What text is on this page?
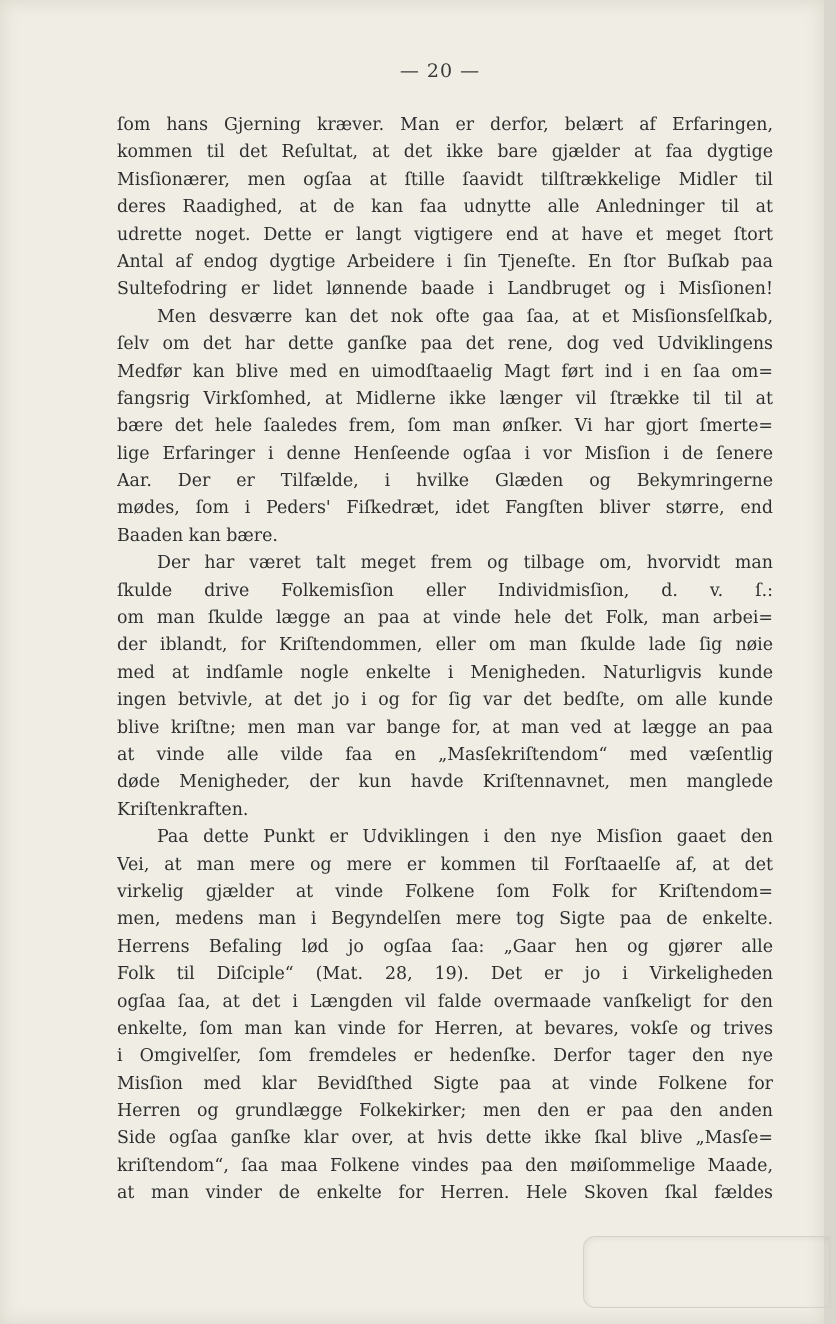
— 20 —
ſom hans Gjerning kræver. Man er derfor, belært af Erfaringen,
kommen til det Reſultat, at det ikke bare gjælder at faa dygtige
Misſionærer, men ogſaa at ſtille ſaavidt tilſtrækkelige Midler til
deres Raadighed, at de kan faa udnytte alle Anledninger til at
udrette noget. Dette er langt vigtigere end at have et meget ſtort
Antal af endog dygtige Arbeidere i ſin Tjeneſte. En ſtor Buſkab paa
Sultefodring er lidet lønnende baade i Landbruget og i Misſionen!
Men desværre kan det nok ofte gaa ſaa, at et Misſionsſelſkab,
ſelv om det har dette ganſke paa det rene, dog ved Udviklingens
Medfør kan blive med en uimodſtaaelig Magt ført ind i en ſaa om=
fangsrig Virkſomhed, at Midlerne ikke længer vil ſtrække til til at
bære det hele ſaaledes frem, ſom man ønſker. Vi har gjort ſmerte=
lige Erfaringer i denne Henſeende ogſaa i vor Misſion i de ſenere
Aar. Der er Tilfælde, i hvilke Glæden og Bekymringerne
mødes, ſom i Peders' Fiſkedræt, idet Fangſten bliver større, end
Baaden kan bære.
Der har været talt meget frem og tilbage om, hvorvidt man
ſkulde drive Folkemisſion eller Individmisſion, d. v. ſ.:
om man ſkulde lægge an paa at vinde hele det Folk, man arbei=
der iblandt, for Kriſtendommen, eller om man ſkulde lade ſig nøie
med at indſamle nogle enkelte i Menigheden. Naturligvis kunde
ingen betvivle, at det jo i og for ſig var det bedſte, om alle kunde
blive kriſtne; men man var bange for, at man ved at lægge an paa
at vinde alle vilde faa en „Masſekriſtendom“ med væſentlig
døde Menigheder, der kun havde Kriſtennavnet, men manglede
Kriſtenkraften.
Paa dette Punkt er Udviklingen i den nye Misſion gaaet den
Vei, at man mere og mere er kommen til Forſtaaelſe af, at det
virkelig gjælder at vinde Folkene ſom Folk for Kriſtendom=
men, medens man i Begyndelſen mere tog Sigte paa de enkelte.
Herrens Befaling lød jo ogſaa ſaa: „Gaar hen og gjører alle
Folk til Diſciple“ (Mat. 28, 19). Det er jo i Virkeligheden
ogſaa ſaa, at det i Længden vil falde overmaade vanſkeligt for den
enkelte, ſom man kan vinde for Herren, at bevares, vokſe og trives
i Omgivelſer, ſom fremdeles er hedenſke. Derfor tager den nye
Misſion med klar Bevidſthed Sigte paa at vinde Folkene for
Herren og grundlægge Folkekirker; men den er paa den anden
Side ogſaa ganſke klar over, at hvis dette ikke ſkal blive „Masſe=
kriſtendom“, ſaa maa Folkene vindes paa den møiſommelige Maade,
at man vinder de enkelte for Herren. Hele Skoven ſkal fældes
